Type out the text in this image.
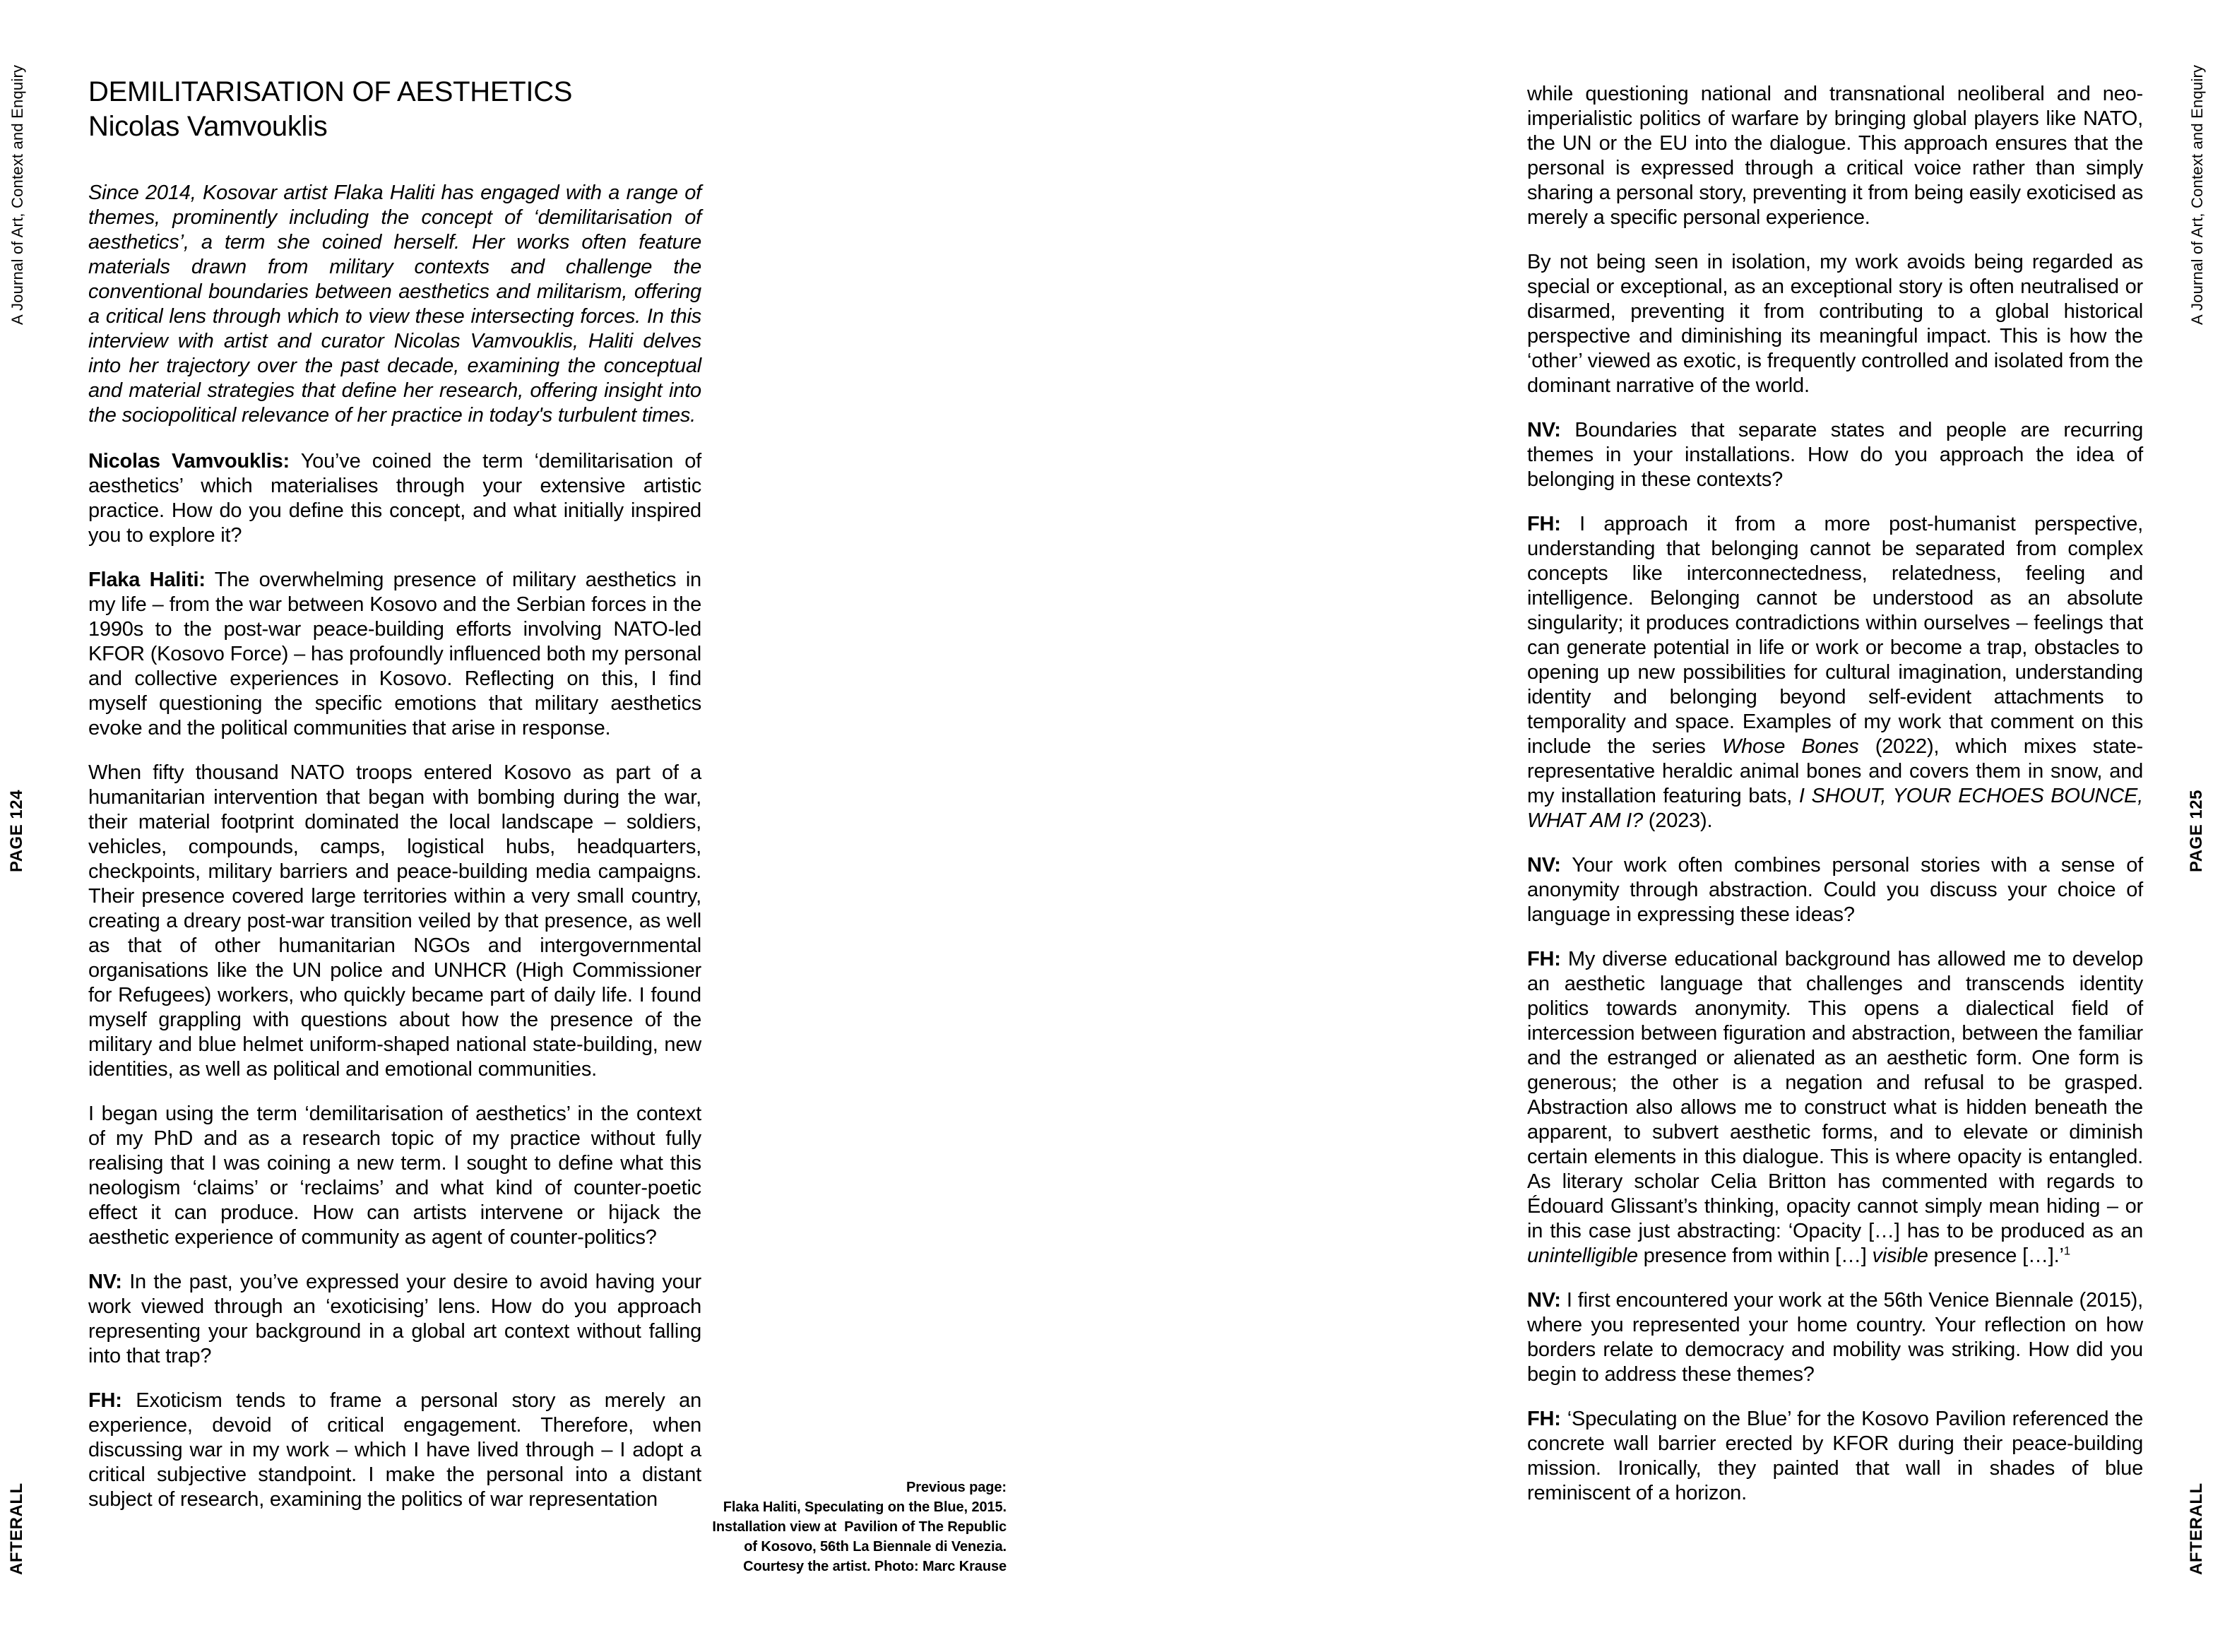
A Journal of Art, Context and Enquiry
PAGE 124
AFTERALL
A Journal of Art, Context and Enquiry
PAGE 125
AFTERALL
DEMILITARISATION OF AESTHETICS
Nicolas Vamvouklis

Since 2014, Kosovar artist Flaka Haliti has engaged with a range of themes, prominently including the concept of ‘demilitarisation of aesthetics’, a term she coined herself. Her works often feature materials drawn from military contexts and challenge the conventional boundaries between aesthetics and militarism, offering a critical lens through which to view these intersecting forces. In this interview with artist and curator Nicolas Vamvouklis, Haliti delves into her trajectory over the past decade, examining the conceptual and material strategies that define her research, offering insight into the sociopolitical relevance of her practice in today's turbulent times.

Nicolas Vamvouklis: You’ve coined the term ‘demilitarisation of aesthetics’ which materialises through your extensive artistic practice. How do you define this concept, and what initially inspired you to explore it?

Flaka Haliti: The overwhelming presence of military aesthetics in my life – from the war between Kosovo and the Serbian forces in the 1990s to the post-war peace-building efforts involving NATO-led KFOR (Kosovo Force) – has profoundly influenced both my personal and collective experiences in Kosovo. Reflecting on this, I find myself questioning the specific emotions that military aesthetics evoke and the political communities that arise in response.

When fifty thousand NATO troops entered Kosovo as part of a humanitarian intervention that began with bombing during the war, their material footprint dominated the local landscape – soldiers, vehicles, compounds, camps, logistical hubs, headquarters, checkpoints, military barriers and peace-building media campaigns. Their presence covered large territories within a very small country, creating a dreary post-war transition veiled by that presence, as well as that of other humanitarian NGOs and intergovernmental organisations like the UN police and UNHCR (High Commissioner for Refugees) workers, who quickly became part of daily life. I found myself grappling with questions about how the presence of the military and blue helmet uniform-shaped national state-building, new identities, as well as political and emotional communities.

I began using the term ‘demilitarisation of aesthetics’ in the context of my PhD and as a research topic of my practice without fully realising that I was coining a new term. I sought to define what this neologism ‘claims’ or ‘reclaims’ and what kind of counter-poetic effect it can produce. How can artists intervene or hijack the aesthetic experience of community as agent of counter-politics?

NV: In the past, you’ve expressed your desire to avoid having your work viewed through an ‘exoticising’ lens. How do you approach representing your background in a global art context without falling into that trap?

FH: Exoticism tends to frame a personal story as merely an experience, devoid of critical engagement. Therefore, when discussing war in my work – which I have lived through – I adopt a critical subjective standpoint. I make the personal into a distant subject of research, examining the politics of war representation

Previous page:
Flaka Haliti, Speculating on the Blue, 2015.
Installation view at  Pavilion of The Republic
of Kosovo, 56th La Biennale di Venezia.
Courtesy the artist. Photo: Marc Krause

while questioning national and transnational neoliberal and neo-imperialistic politics of warfare by bringing global players like NATO, the UN or the EU into the dialogue. This approach ensures that the personal is expressed through a critical voice rather than simply sharing a personal story, preventing it from being easily exoticised as merely a specific personal experience.

By not being seen in isolation, my work avoids being regarded as special or exceptional, as an exceptional story is often neutralised or disarmed, preventing it from contributing to a global historical perspective and diminishing its meaningful impact. This is how the ‘other’ viewed as exotic, is frequently controlled and isolated from the dominant narrative of the world.

NV: Boundaries that separate states and people are recurring themes in your installations. How do you approach the idea of belonging in these contexts?

FH: I approach it from a more post-humanist perspective, understanding that belonging cannot be separated from complex concepts like interconnectedness, relatedness, feeling and intelligence. Belonging cannot be understood as an absolute singularity; it produces contradictions within ourselves – feelings that can generate potential in life or work or become a trap, obstacles to opening up new possibilities for cultural imagination, understanding identity and belonging beyond self-evident attachments to temporality and space. Examples of my work that comment on this include the series Whose Bones (2022), which mixes state-representative heraldic animal bones and covers them in snow, and my installation featuring bats, I SHOUT, YOUR ECHOES BOUNCE, WHAT AM I? (2023).

NV: Your work often combines personal stories with a sense of anonymity through abstraction. Could you discuss your choice of language in expressing these ideas?

FH: My diverse educational background has allowed me to develop an aesthetic language that challenges and transcends identity politics towards anonymity. This opens a dialectical field of intercession between figuration and abstraction, between the familiar and the estranged or alienated as an aesthetic form. One form is generous; the other is a negation and refusal to be grasped. Abstraction also allows me to construct what is hidden beneath the apparent, to subvert aesthetic forms, and to elevate or diminish certain elements in this dialogue. This is where opacity is entangled. As literary scholar Celia Britton has commented with regards to Édouard Glissant’s thinking, opacity cannot simply mean hiding – or in this case just abstracting: ‘Opacity […] has to be produced as an unintelligible presence from within […] visible presence […].’$^1$

NV: I first encountered your work at the 56th Venice Biennale (2015), where you represented your home country. Your reflection on how borders relate to democracy and mobility was striking. How did you begin to address these themes?

FH: ‘Speculating on the Blue’ for the Kosovo Pavilion referenced the concrete wall barrier erected by KFOR during their peace-building mission. Ironically, they painted that wall in shades of blue reminiscent of a horizon.
